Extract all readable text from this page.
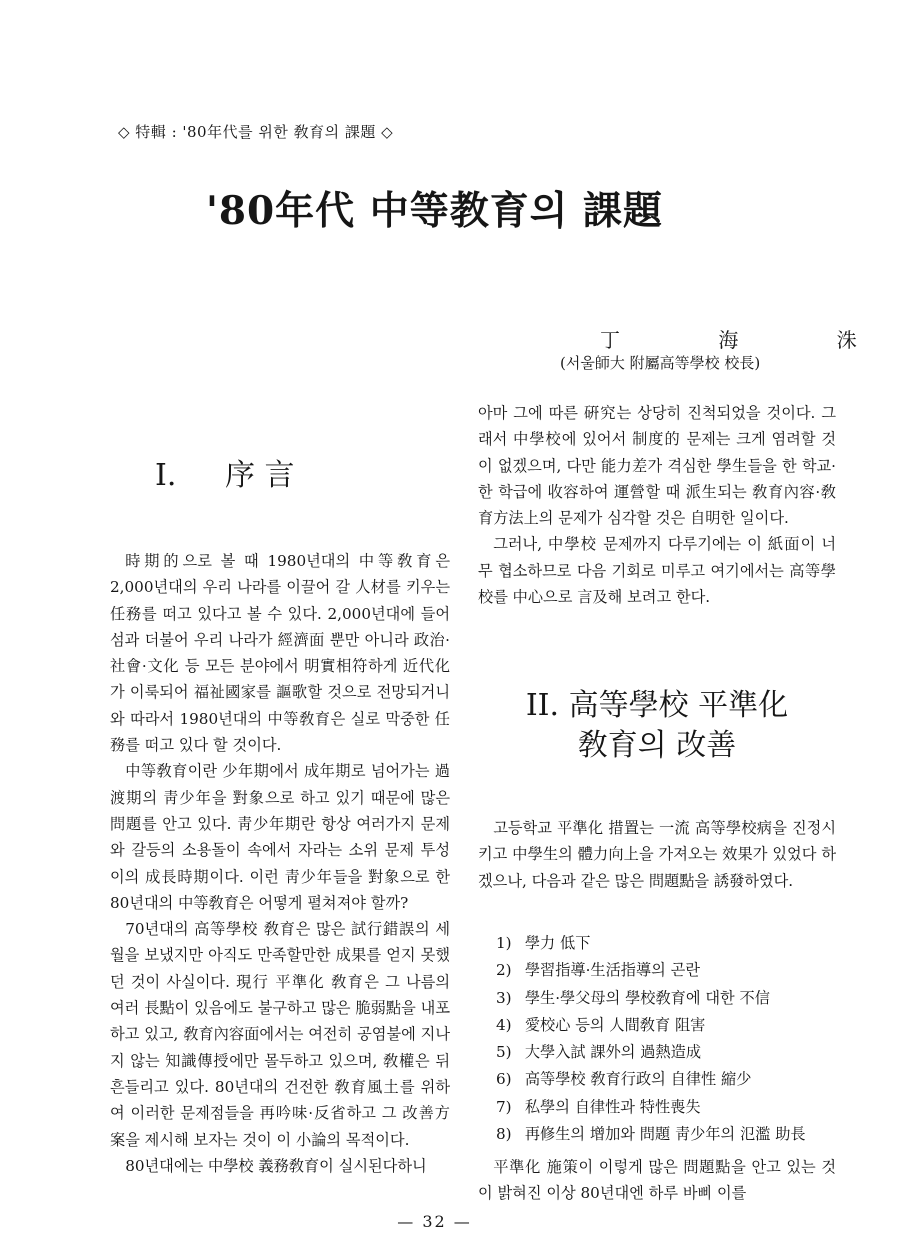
◇ 特輯 : '80年代를 위한 敎育의 課題 ◇
'80年代 中等教育의 課題
丁 海 洙
(서울師大 附屬高等學校 校長)
I. 序 言

時期的으로 볼 때 1980년대의 中等敎育은 2,000년대의 우리 나라를 이끌어 갈 人材를 키우는 任務를 떠고 있다고 볼 수 있다. 2,000년대에 들어섬과 더불어 우리 나라가 經濟面 뿐만 아니라 政治·社會·文化 등 모든 분야에서 明實相符하게 近代化가 이룩되어 福祉國家를 謳歌할 것으로 전망되거니와 따라서 1980년대의 中等敎育은 실로 막중한 任務를 떠고 있다 할 것이다.

中等敎育이란 少年期에서 成年期로 넘어가는 過渡期의 靑少年을 對象으로 하고 있기 때문에 많은 問題를 안고 있다. 靑少年期란 항상 여러가지 문제와 갈등의 소용돌이 속에서 자라는 소위 문제 투성이의 成長時期이다. 이런 靑少年들을 對象으로 한 80년대의 中等敎育은 어떻게 펼쳐져야 할까?

70년대의 高等學校 敎育은 많은 試行錯誤의 세월을 보냈지만 아직도 만족할만한 成果를 얻지 못했던 것이 사실이다. 現行 平準化 敎育은 그 나름의 여러 長點이 있음에도 불구하고 많은 脆弱點을 내포하고 있고, 敎育內容面에서는 여전히 공염불에 지나지 않는 知識傳授에만 몰두하고 있으며, 敎權은 뒤흔들리고 있다. 80년대의 건전한 敎育風土를 위하여 이러한 문제점들을 再吟味·反省하고 그 改善方案을 제시해 보자는 것이 이 小論의 목적이다.

80년대에는 中學校 義務敎育이 실시된다하니

아마 그에 따른 硏究는 상당히 진척되었을 것이다. 그래서 中學校에 있어서 制度的 문제는 크게 염려할 것이 없겠으며, 다만 能力差가 격심한 學生들을 한 학교·한 학급에 收容하여 運營할 때 派生되는 敎育內容·敎育方法上의 문제가 심각할 것은 自明한 일이다.

그러나, 中學校 문제까지 다루기에는 이 紙面이 너무 협소하므로 다음 기회로 미루고 여기에서는 高等學校를 中心으로 言及해 보려고 한다.

II. 高等學校 平準化
敎育의 改善

고등학교 平準化 措置는 一流 高等學校病을 진정시키고 中學生의 體力向上을 가져오는 效果가 있었다 하겠으나, 다음과 같은 많은 問題點을 誘發하였다.

1) 學力 低下
2) 學習指導·生活指導의 곤란
3) 學生·學父母의 學校敎育에 대한 不信
4) 愛校心 등의 人間敎育 阻害
5) 大學入試 課外의 過熱造成
6) 高等學校 敎育行政의 自律性 縮少
7) 私學의 自律性과 特性喪失
8) 再修生의 增加와 問題 靑少年의 氾濫 助長

平準化 施策이 이렇게 많은 問題點을 안고 있는 것이 밝혀진 이상 80년대엔 하루 바삐 이를

— 32 —
